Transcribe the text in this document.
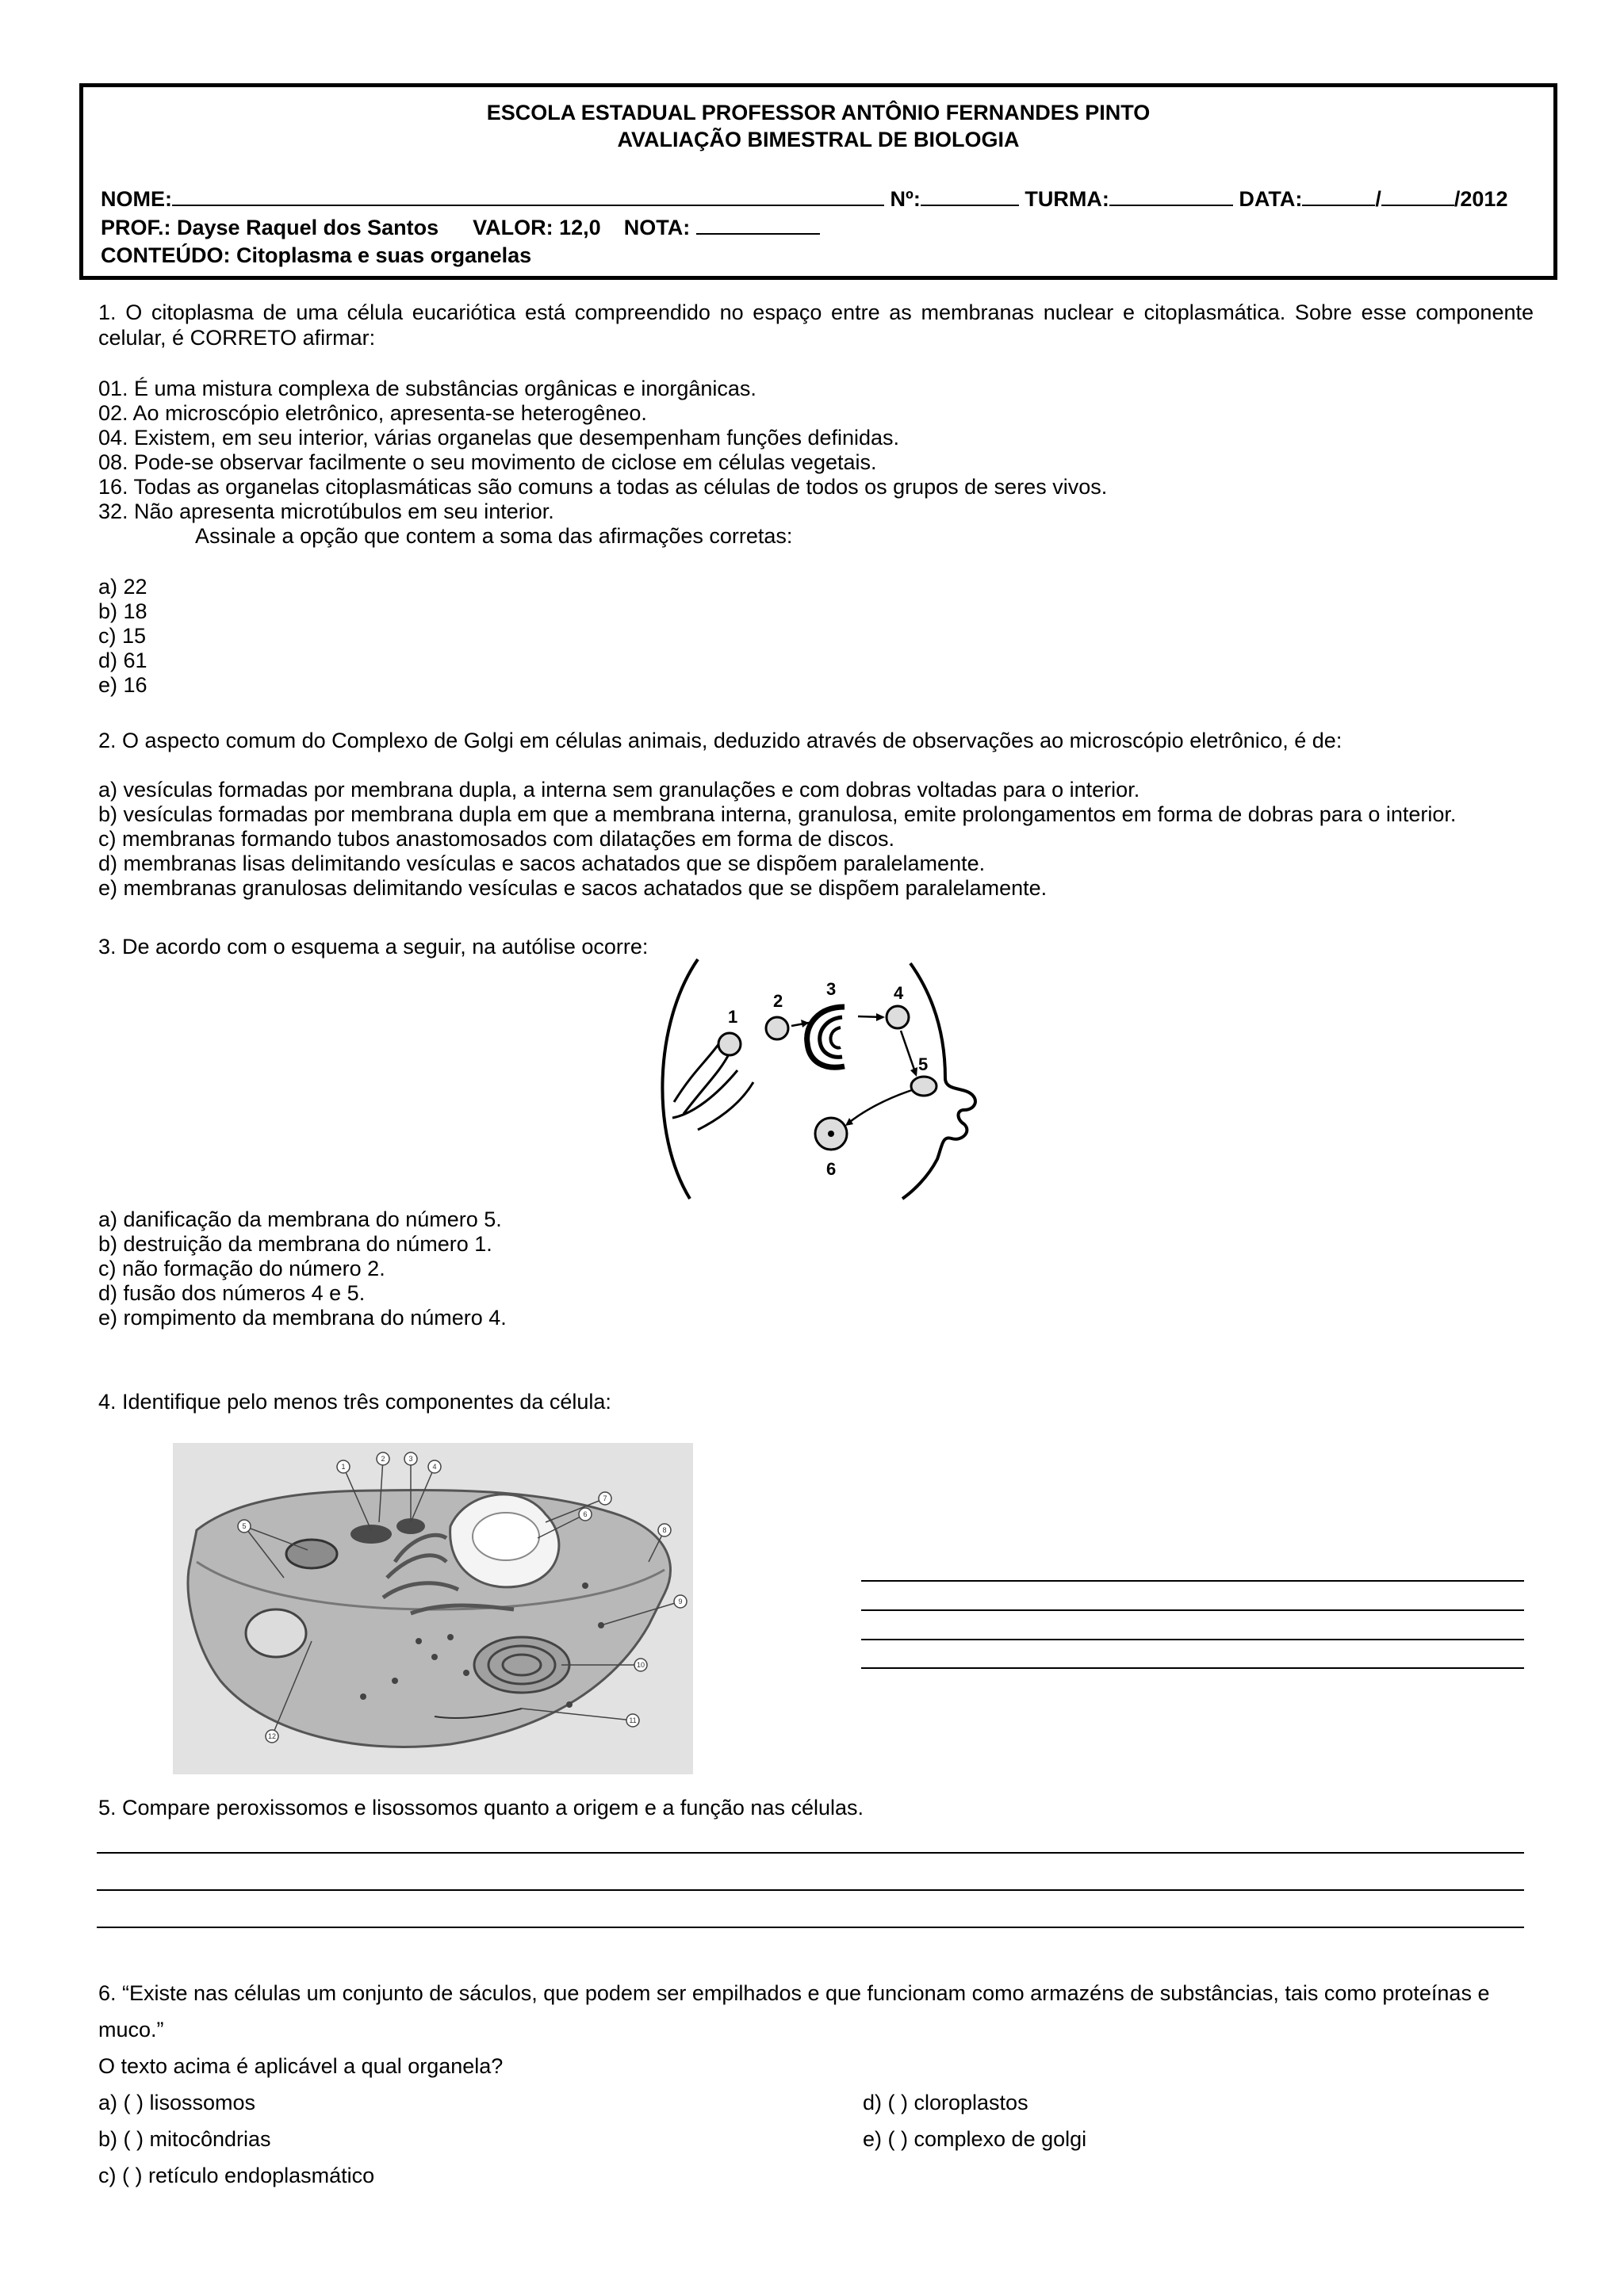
ESCOLA ESTADUAL PROFESSOR ANTÔNIO FERNANDES PINTO
AVALIAÇÃO BIMESTRAL DE BIOLOGIA
NOME:	Nº:	TURMA:	DATA:	/	/2012
PROF.: Dayse Raquel dos Santos VALOR: 12,0 NOTA:
CONTEÚDO: Citoplasma e suas organelas
1. O citoplasma de uma célula eucariótica está compreendido no espaço entre as membranas nuclear e citoplasmática. Sobre esse componente celular, é CORRETO afirmar:
01. É uma mistura complexa de substâncias orgânicas e inorgânicas.
02. Ao microscópio eletrônico, apresenta-se heterogêneo.
04. Existem, em seu interior, várias organelas que desempenham funções definidas.
08. Pode-se observar facilmente o seu movimento de ciclose em células vegetais.
16. Todas as organelas citoplasmáticas são comuns a todas as células de todos os grupos de seres vivos.
32. Não apresenta microtúbulos em seu interior.
Assinale a opção que contem a soma das afirmações corretas:
a) 22
b) 18
c) 15
d) 61
e) 16
2. O aspecto comum do Complexo de Golgi em células animais, deduzido através de observações ao microscópio eletrônico, é de:
a) vesículas formadas por membrana dupla, a interna sem granulações e com dobras voltadas para o interior.
b) vesículas formadas por membrana dupla em que a membrana interna, granulosa, emite prolongamentos em forma de dobras para o interior.
c) membranas formando tubos anastomosados com dilatações em forma de discos.
d) membranas lisas delimitando vesículas e sacos achatados que se dispõem paralelamente.
e) membranas granulosas delimitando vesículas e sacos achatados que se dispõem paralelamente.
3. De acordo com o esquema a seguir, na autólise ocorre:
1
2
3	4
5
6
a) danificação da membrana do número 5.
b) destruição da membrana do número 1.
c) não formação do número 2.
d) fusão dos números 4 e 5.
e) rompimento da membrana do número 4.
4. Identifique pelo menos três componentes da célula:
1
2	3
4
5
6
7
8
9
10
11
12
5. Compare peroxissomos e lisossomos quanto a origem e a função nas células.
6. “Existe nas células um conjunto de sáculos, que podem ser empilhados e que funcionam como armazéns de substâncias, tais como proteínas e
muco.”
O texto acima é aplicável a qual organela?
a) ( ) lisossomos
b) ( ) mitocôndrias
c) ( ) retículo endoplasmático
d) ( ) cloroplastos
e) ( ) complexo de golgi
